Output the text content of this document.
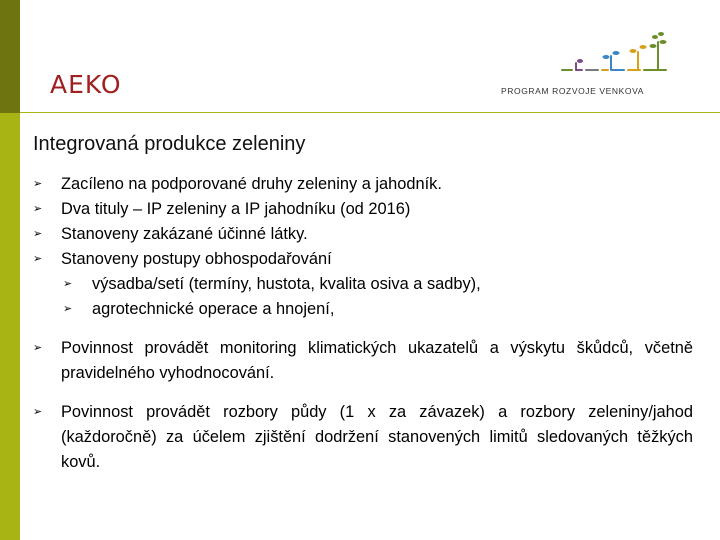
AEKO	PROGRAM ROZVOJE VENKOVA
Integrovaná produkce zeleniny
➢ Zacíleno na podporované druhy zeleniny a jahodník.
➢ Dva tituly – IP zeleniny a IP jahodníku (od 2016)
➢ Stanoveny zakázané účinné látky.
➢ Stanoveny postupy obhospodařování
➢ výsadba/setí (termíny, hustota, kvalita osiva a sadby),
➢ agrotechnické operace a hnojení,
➢ Povinnost provádět monitoring klimatických ukazatelů a výskytu škůdců, včetně pravidelného vyhodnocování.
➢ Povinnost provádět rozbory půdy (1 x za závazek) a rozbory zeleniny/jahod (každoročně) za účelem zjištění dodržení stanovených limitů sledovaných těžkých kovů.
